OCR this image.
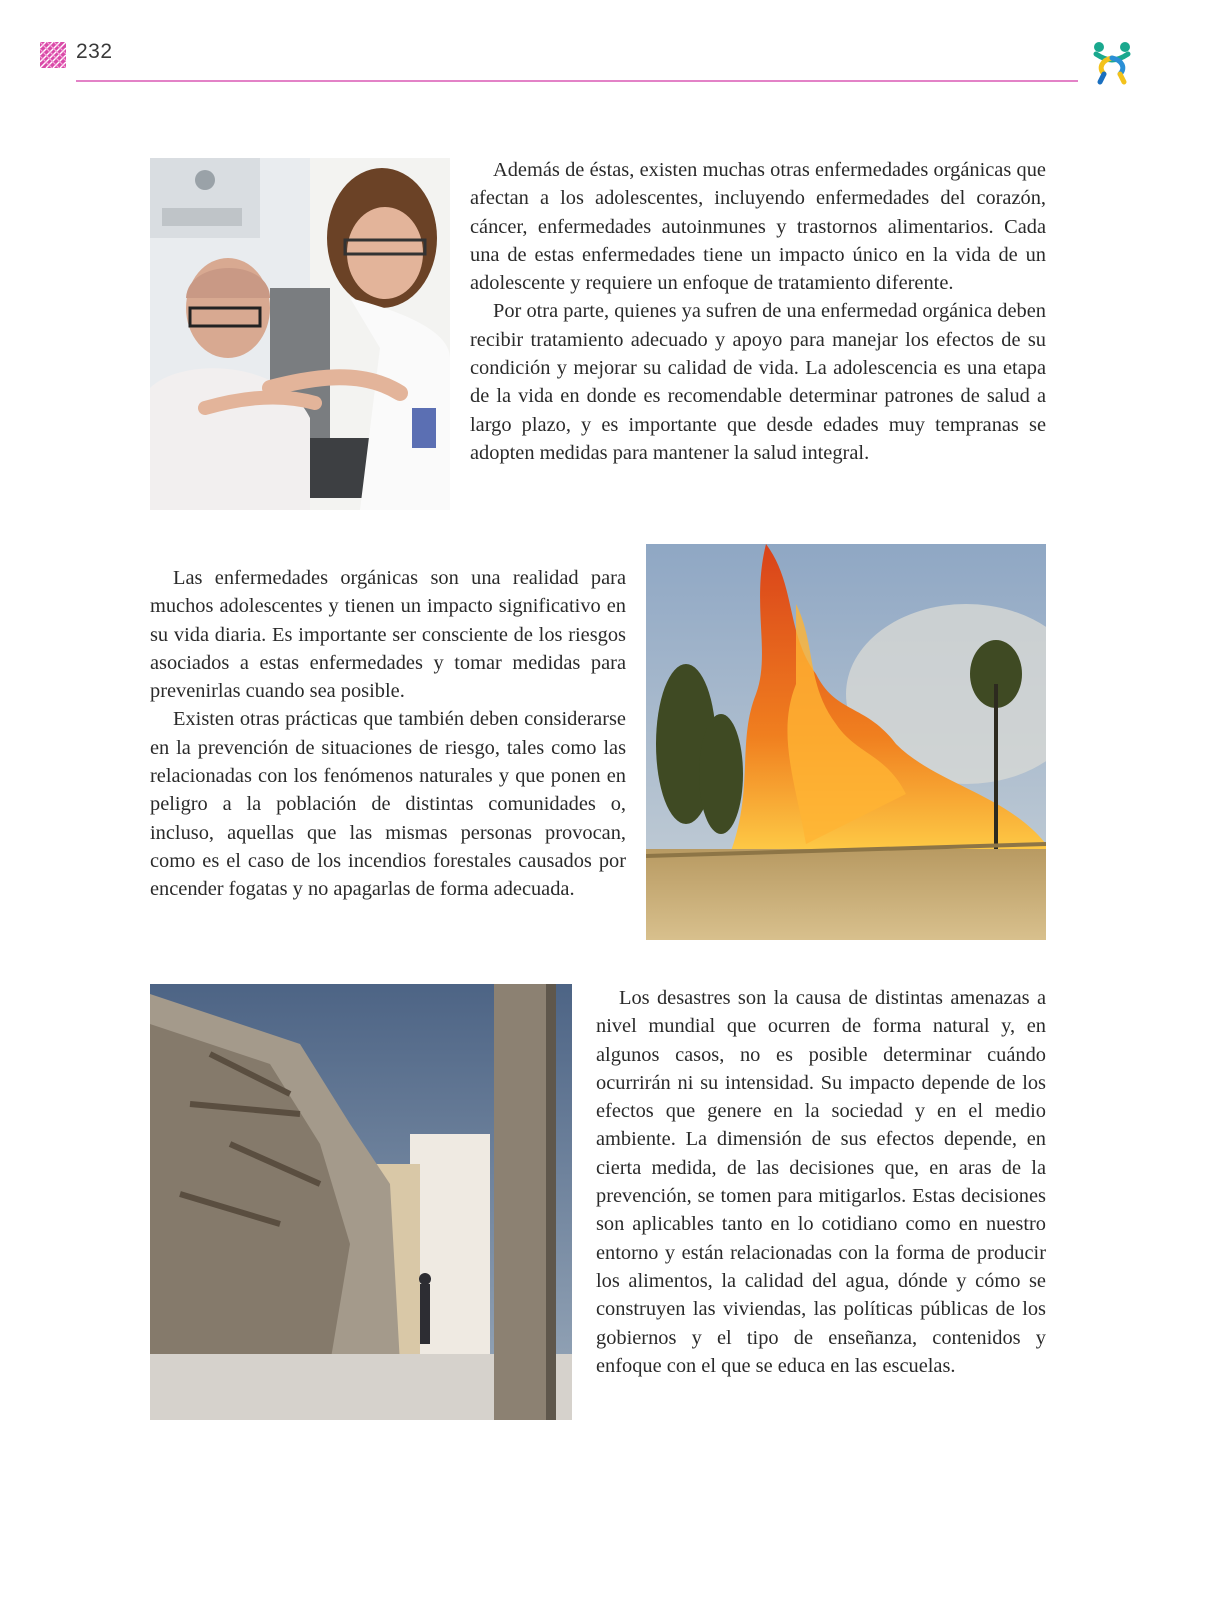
232

Además de éstas, existen muchas otras enfermedades orgánicas que afectan a los adolescentes, incluyendo enfermedades del corazón, cáncer, enfermedades autoinmunes y trastornos alimentarios. Cada una de estas enfermedades tiene un impacto único en la vida de un adolescente y requiere un enfoque de tratamiento diferente.

Por otra parte, quienes ya sufren de una enfermedad orgánica deben recibir tratamiento adecuado y apoyo para manejar los efectos de su condición y mejorar su calidad de vida. La adolescencia es una etapa de la vida en donde es recomendable determinar patrones de salud a largo plazo, y es importante que desde edades muy tempranas se adopten medidas para mantener la salud integral.

Las enfermedades orgánicas son una realidad para muchos adolescentes y tienen un impacto significativo en su vida diaria. Es importante ser consciente de los riesgos asociados a estas enfermedades y tomar medidas para prevenirlas cuando sea posible.

Existen otras prácticas que también deben considerarse en la prevención de situaciones de riesgo, tales como las relacionadas con los fenómenos naturales y que ponen en peligro a la población de distintas comunidades o, incluso, aquellas que las mismas personas provocan, como es el caso de los incendios forestales causados por encender fogatas y no apagarlas de forma adecuada.

Los desastres son la causa de distintas amenazas a nivel mundial que ocurren de forma natural y, en algunos casos, no es posible determinar cuándo ocurrirán ni su intensidad. Su impacto depende de los efectos que genere en la sociedad y en el medio ambiente. La dimensión de sus efectos depende, en cierta medida, de las decisiones que, en aras de la prevención, se tomen para mitigarlos. Estas decisiones son aplicables tanto en lo cotidiano como en nuestro entorno y están relacionadas con la forma de producir los alimentos, la calidad del agua, dónde y cómo se construyen las viviendas, las políticas públicas de los gobiernos y el tipo de enseñanza, contenidos y enfoque con el que se educa en las escuelas.
